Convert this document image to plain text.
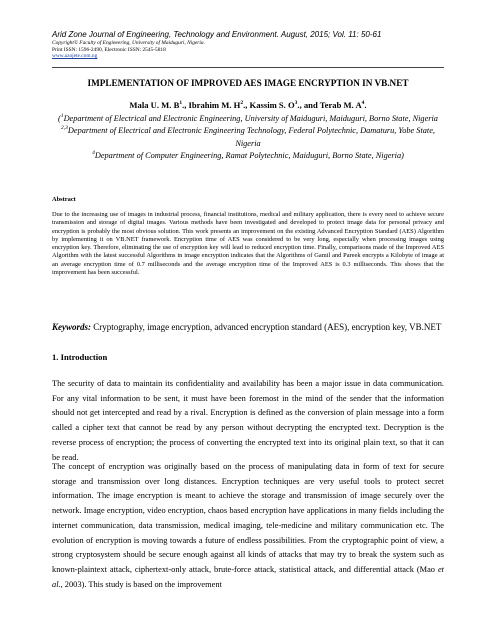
Arid Zone Journal of Engineering, Technology and Environment. August, 2015; Vol. 11: 50-61
Copyright© Faculty of Engineering, University of Maiduguri, Nigeria.
Print ISSN: 1596-2490, Electronic ISSN: 2545-5818
www.azojete.com.ng
IMPLEMENTATION OF IMPROVED AES IMAGE ENCRYPTION IN VB.NET
Mala U. M. $B^1$., Ibrahim M. $H^2$., Kassim S. $O^3$., and Terab M. $A^4$.
($^1$Department of Electrical and Electronic Engineering, University of Maiduguri, Maiduguri, Borno State, Nigeria
$^{2,3}$Department of Electrical and Electronic Engineering Technology, Federal Polytechnic, Damaturu, Yobe State, Nigeria
$^4$Department of Computer Engineering, Ramat Polytechnic, Maiduguri, Borno State, Nigeria)
Abstract
Due to the increasing use of images in industrial process, financial institutions, medical and military application, there is every need to achieve secure transmission and storage of digital images. Various methods have been investigated and developed to protect image data for personal privacy and encryption is probably the most obvious solution. This work presents an improvement on the existing Advanced Encryption Standard (AES) Algorithm by implementing it on VB.NET framework. Encryption time of AES was considered to be very long, especially when processing images using encryption key. Therefore, eliminating the use of encryption key will lead to reduced encryption time. Finally, comparisons made of the Improved AES Algorithm with the latest successful Algorithms in image encryption indicates that the Algorithms of Gamil and Pareek encrypts a Kilobyte of image at an average encryption time of 0.7 milliseconds and the average encryption time of the Improved AES is 0.3 milliseconds. This shows that the improvement has been successful.
Keywords: Cryptography, image encryption, advanced encryption standard (AES), encryption key, VB.NET
1. Introduction
The security of data to maintain its confidentiality and availability has been a major issue in data communication. For any vital information to be sent, it must have been foremost in the mind of the sender that the information should not get intercepted and read by a rival. Encryption is defined as the conversion of plain message into a form called a cipher text that cannot be read by any person without decrypting the encrypted text. Decryption is the reverse process of encryption; the process of converting the encrypted text into its original plain text, so that it can be read.
The concept of encryption was originally based on the process of manipulating data in form of text for secure storage and transmission over long distances. Encryption techniques are very useful tools to protect secret information. The image encryption is meant to achieve the storage and transmission of image securely over the network. Image encryption, video encryption, chaos based encryption have applications in many fields including the internet communication, data transmission, medical imaging, tele-medicine and military communication etc. The evolution of encryption is moving towards a future of endless possibilities. From the cryptographic point of view, a strong cryptosystem should be secure enough against all kinds of attacks that may try to break the system such as known-plaintext attack, ciphertext-only attack, brute-force attack, statistical attack, and differential attack (Mao et al., 2003). This study is based on the improvement
